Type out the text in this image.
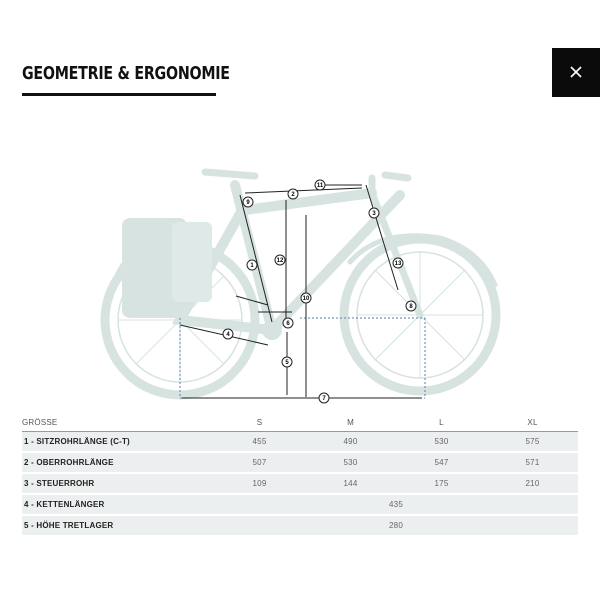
GEOMETRIE & ERGONOMIE
1
2
3
4
5
6
7
8
9
10
11
12	13
GRÖSSE	S	M	L	XL
1 - SITZROHRLÄNGE (C-T)	455	490	530	575
2 - OBERROHRLÄNGE	507	530	547	571
3 - STEUERROHR	109	144	175	210
4 - KETTENLÄNGER	435			
5 - HÖHE TRETLAGER	280			
